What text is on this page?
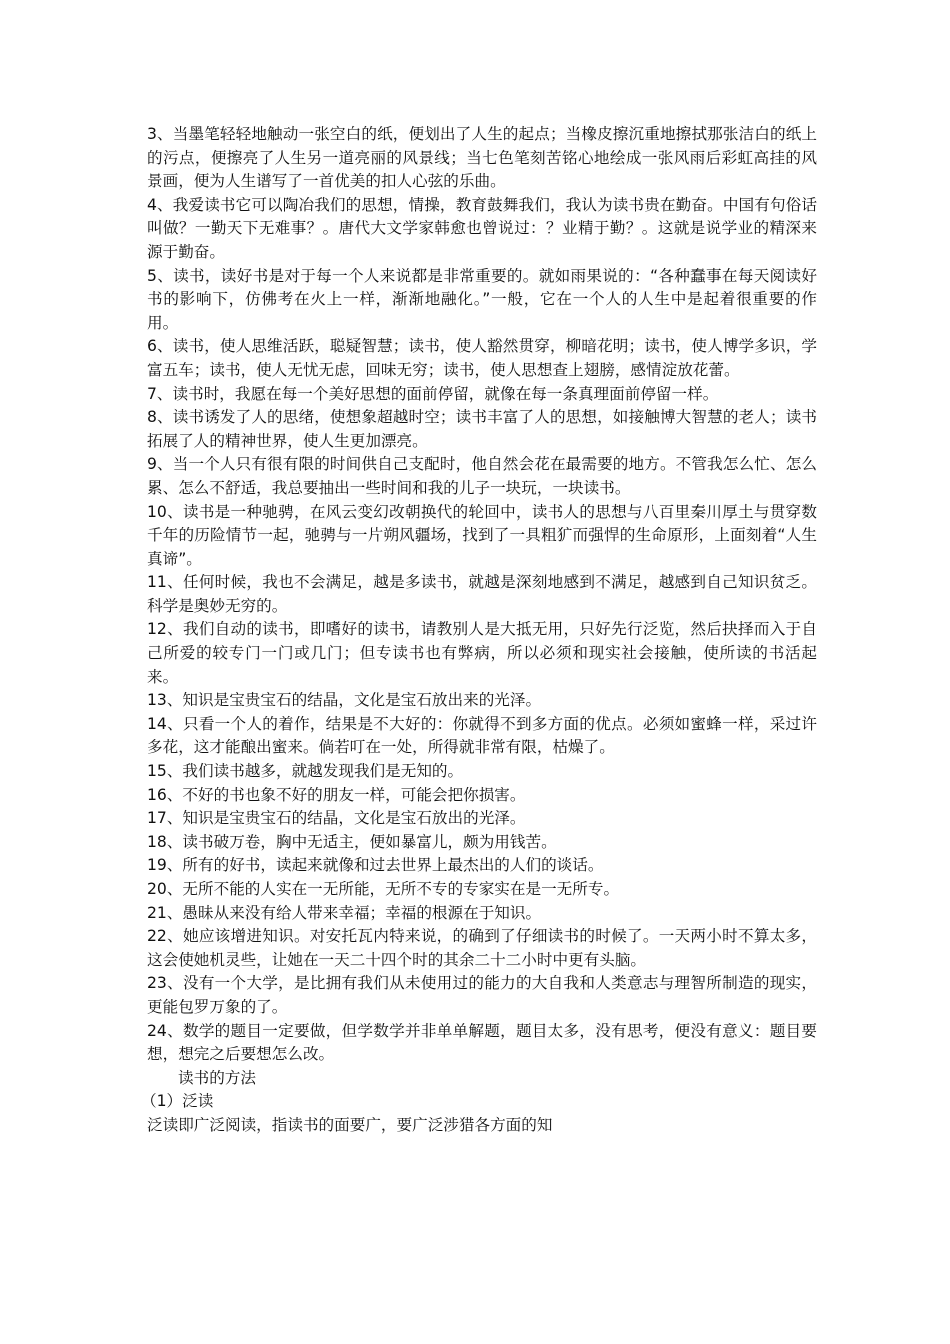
3、当墨笔轻轻地触动一张空白的纸，便划出了人生的起点；当橡皮擦沉重地擦拭那张洁白的纸上的污点，便擦亮了人生另一道亮丽的风景线；当七色笔刻苦铭心地绘成一张风雨后彩虹高挂的风景画，便为人生谱写了一首优美的扣人心弦的乐曲。

4、我爱读书它可以陶冶我们的思想，情操，教育鼓舞我们，我认为读书贵在勤奋。中国有句俗话叫做？一勤天下无难事？。唐代大文学家韩愈也曾说过：？业精于勤？。这就是说学业的精深来源于勤奋。

5、读书，读好书是对于每一个人来说都是非常重要的。就如雨果说的：“各种蠢事在每天阅读好书的影响下，仿佛考在火上一样，渐渐地融化。”一般，它在一个人的人生中是起着很重要的作用。

6、读书，使人思维活跃，聪疑智慧；读书，使人豁然贯穿，柳暗花明；读书，使人博学多识，学富五车；读书，使人无忧无虑，回味无穷；读书，使人思想查上翅膀，感情淀放花蕾。

7、读书时，我愿在每一个美好思想的面前停留，就像在每一条真理面前停留一样。

8、读书诱发了人的思绪，使想象超越时空；读书丰富了人的思想，如接触博大智慧的老人；读书拓展了人的精神世界，使人生更加漂亮。

9、当一个人只有很有限的时间供自己支配时，他自然会花在最需要的地方。不管我怎么忙、怎么累、怎么不舒适，我总要抽出一些时间和我的儿子一块玩，一块读书。

10、读书是一种驰骋，在风云变幻改朝换代的轮回中，读书人的思想与八百里秦川厚土与贯穿数千年的历险情节一起，驰骋与一片朔风疆场，找到了一具粗犷而强悍的生命原形，上面刻着“人生真谛”。

11、任何时候，我也不会满足，越是多读书，就越是深刻地感到不满足，越感到自己知识贫乏。科学是奥妙无穷的。

12、我们自动的读书，即嗜好的读书，请教别人是大抵无用，只好先行泛览，然后抉择而入于自己所爱的较专门一门或几门；但专读书也有弊病，所以必须和现实社会接触，使所读的书活起来。

13、知识是宝贵宝石的结晶，文化是宝石放出来的光泽。

14、只看一个人的着作，结果是不大好的：你就得不到多方面的优点。必须如蜜蜂一样，采过许多花，这才能酿出蜜来。倘若叮在一处，所得就非常有限，枯燥了。

15、我们读书越多，就越发现我们是无知的。

16、不好的书也象不好的朋友一样，可能会把你损害。

17、知识是宝贵宝石的结晶，文化是宝石放出的光泽。

18、读书破万卷，胸中无适主，便如暴富儿，颇为用钱苦。

19、所有的好书，读起来就像和过去世界上最杰出的人们的谈话。

20、无所不能的人实在一无所能，无所不专的专家实在是一无所专。

21、愚昧从来没有给人带来幸福；幸福的根源在于知识。

22、她应该增进知识。对安托瓦内特来说，的确到了仔细读书的时候了。一天两小时不算太多，这会使她机灵些，让她在一天二十四个时的其余二十二小时中更有头脑。

23、没有一个大学，是比拥有我们从未使用过的能力的大自我和人类意志与理智所制造的现实，更能包罗万象的了。

24、数学的题目一定要做，但学数学并非单单解题，题目太多，没有思考，便没有意义：题目要想，想完之后要想怎么改。

读书的方法

（1）泛读

泛读即广泛阅读，指读书的面要广，要广泛涉猎各方面的知
